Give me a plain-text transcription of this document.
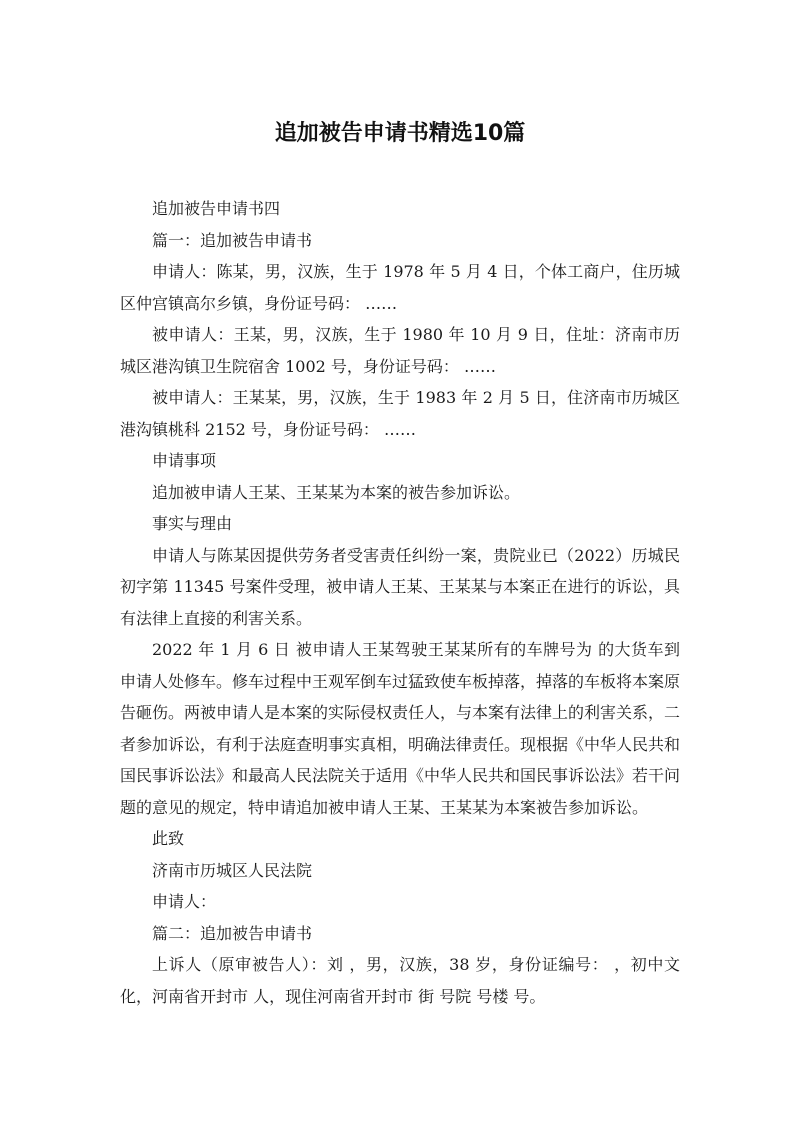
追加被告申请书精选10篇

追加被告申请书四

篇一：追加被告申请书

申请人：陈某，男，汉族，生于 1978 年 5 月 4 日，个体工商户，住历城区仲宫镇高尔乡镇，身份证号码： ……

被申请人：王某，男，汉族，生于 1980 年 10 月 9 日，住址：济南市历城区港沟镇卫生院宿舍 1002 号，身份证号码： ……

被申请人：王某某，男，汉族，生于 1983 年 2 月 5 日，住济南市历城区港沟镇桃科 2152 号，身份证号码： ……

申请事项

追加被申请人王某、王某某为本案的被告参加诉讼。

事实与理由

申请人与陈某因提供劳务者受害责任纠纷一案，贵院业已（2022）历城民初字第 11345 号案件受理，被申请人王某、王某某与本案正在进行的诉讼，具有法律上直接的利害关系。

2022 年 1 月 6 日 被申请人王某驾驶王某某所有的车牌号为 的大货车到申请人处修车。修车过程中王观军倒车过猛致使车板掉落，掉落的车板将本案原告砸伤。两被申请人是本案的实际侵权责任人，与本案有法律上的利害关系，二者参加诉讼，有利于法庭查明事实真相，明确法律责任。现根据《中华人民共和国民事诉讼法》和最高人民法院关于适用《中华人民共和国民事诉讼法》若干问题的意见的规定，特申请追加被申请人王某、王某某为本案被告参加诉讼。

此致

济南市历城区人民法院

申请人：

篇二：追加被告申请书

上诉人（原审被告人）：刘 ，男，汉族，38 岁，身份证编号： ，初中文化，河南省开封市 人，现住河南省开封市 街 号院 号楼 号。
